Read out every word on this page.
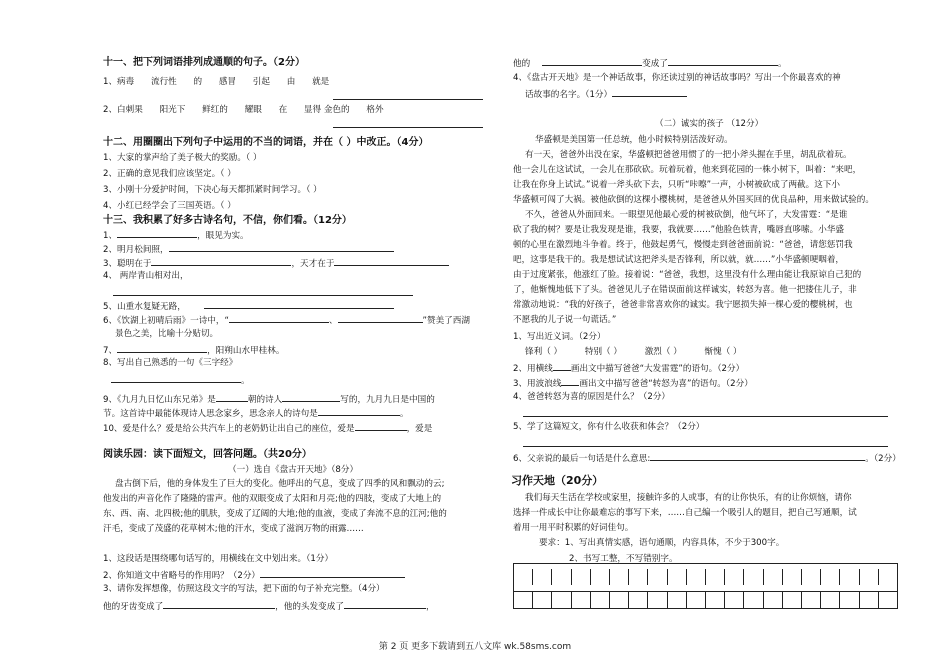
十一、把下列词语排列成通顺的句子。（2分）
1、病毒 流行性 的 感冒 引起 由 就是
2、白刺果 阳光下 鲜红的 耀眼 在 显得 金色的 格外
十二、用圈圈出下列句子中运用的不当的词语，并在（ ）中改正。（4分）
1、大家的掌声给了美子极大的奖励。（ ）
2、正确的意见我们应该坚定。（ ）
3、小刚十分爱护时间，下决心每天都抓紧时间学习。（ ）
4、小红已经学会了三国英语。（ ）
十三、我积累了好多古诗名句，不信，你们看。（12分）
1、	，眼见为实。
2、明月松间照，
3、聪明在于	，天才在于
4、 两岸青山相对出，
5、山重水复疑无路，
6、《饮湖上初晴后雨》一诗中，“	、	”赞美了西湖
景色之美，比喻十分贴切。
7、	，阳朔山水甲桂林。
8、写出自己熟悉的一句《三字经》
。
9、《九月九日忆山东兄弟》是	朝的诗人	写的，九月九日是中国的
节。这首诗中最能体现诗人思念家乡，思念亲人的诗句是	。
10、爱是什么？爱是给公共汽车上的老奶奶让出自己的座位，爱是	，爱是
阅读乐园：读下面短文，回答问题。（共20分）
（一）选自《盘古开天地》（8分）
盘古倒下后，他的身体发生了巨大的变化。他呼出的气息，变成了四季的风和飘动的云;
他发出的声音化作了隆隆的雷声。他的双眼变成了太阳和月亮;他的四肢，变成了大地上的
东、西、南、北四极;他的肌肤，变成了辽阔的大地;他的血液，变成了奔流不息的江河;他的
汗毛，变成了茂盛的花草树木;他的汗水，变成了滋润万物的雨露……
1、这段话是围绕哪句话写的，用横线在文中划出来。（1分）
2、你知道文中省略号的作用吗？（2分）
3、请你发挥想像，仿照这段文字的写法，把下面的句子补充完整。（4分）
他的牙齿变成了	，他的头发变成了	，
他的	变成了	。
4、《盘古开天地》是一个神话故事，你还读过别的神话故事吗？写出一个你最喜欢的神
话故事的名字。（1分）
（二）诚实的孩子 （12分）
华盛顿是美国第一任总统，他小时候特别活泼好动。
有一天，爸爸外出没在家，华盛顿把爸爸用惯了的一把小斧头握在手里，胡乱砍着玩。
他一会儿在这试试，一会儿在那砍砍。玩着玩着，他来到花园的一株小树下，叫着：“来吧，
让我在你身上试试。”说着一斧头砍下去，只听“咔嚓”一声，小树被砍成了两截。这下小
华盛顿可闯了大祸。被他砍倒的这棵小樱桃树，是爸爸从外国买回的优良品种，用来做试验的。
不久，爸爸从外面回来。一眼望见他最心爱的树被砍倒，他气坏了，大发雷霆：“是谁
砍了我的树？要是让我发现是谁，我要，我就要……”他脸色铁青，嘴唇直哆嗦。小华盛
顿的心里在激烈地斗争着。终于，他鼓起勇气，慢慢走到爸爸面前说：“爸爸，请您惩罚我
吧，这事是我干的。我是想试试这把斧头是否锋利，所以就，就……”小华盛顿哽咽着，
由于过度紧张，他涨红了脸。接着说：“爸爸，我想，这里没有什么理由能让我原谅自己犯的
了，他惭愧地低下了头。爸爸见儿子在错误面前这样诚实，转怒为喜。他一把搂住儿子，非
常激动地说：“我的好孩子，爸爸非常喜欢你的诚实。我宁愿损失掉一棵心爱的樱桃树，也
不愿我的儿子说一句谎话。”
1、写出近义词。（2分）
锋利（ ）	特别（ ）	激烈（ ）	惭愧（ ）
2、用横线 画出文中描写爸爸“大发雷霆”的语句。（2分）
3、用波浪线 画出文中描写爸爸“转怒为喜”的语句。（2分）
4、爸爸转怒为喜的原因是什么？（2分）
5、学了这篇短文，你有什么收获和体会？（2分）
6、父亲说的最后一句话是什么意思:	。（2分）
习作天地（20分）
我们每天生活在学校或家里，接触许多的人或事，有的让你快乐，有的让你烦恼，请你
选择一件成长中让你最难忘的事写下来，……自己编一个吸引人的题目，把自己写通顺，试
着用一用平时积累的好词佳句。
要求：1、写出真情实感，语句通顺，内容具体，不少于300字。
2、书写工整，不写错别字。
第 2 页 更多下载请到五八文库 wk.58sms.com
